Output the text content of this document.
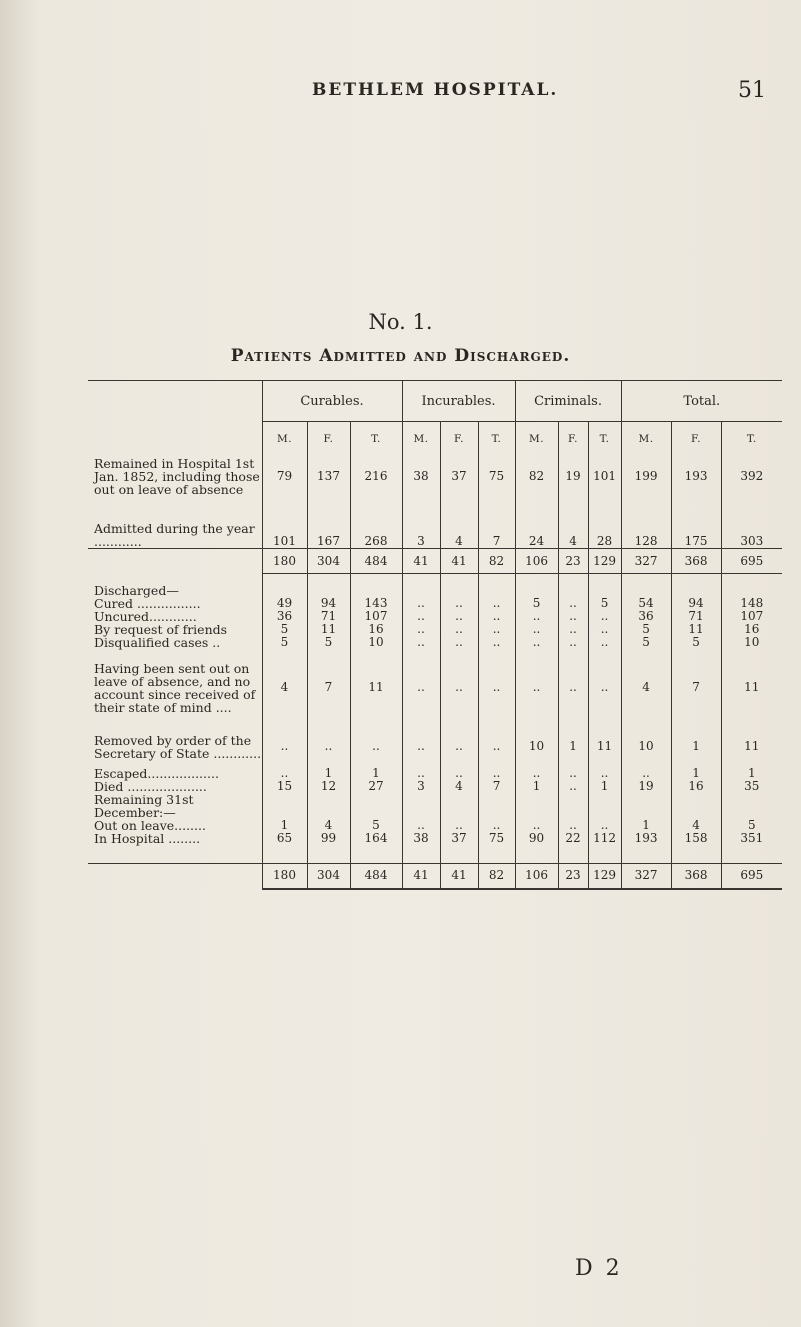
BETHLEM HOSPITAL.	51
No. 1.
Patients Admitted and Discharged.
	Curables.			Incurables.			Criminals.			Total.		
	M.	F.	T.	M.	F.	T.	M.	F.	T.	M.	F.	T.
Remained in Hospital 1st Jan. 1852, including those out on leave of absence	79	137	216	38	37	75	82	19	101	199	193	392
Admitted during the year ............	101	167	268	3	4	7	24	4	28	128	175	303
	180	304	484	41	41	82	106	23	129	327	368	695
Discharged—												
Cured ................	49	94	143	..	..	..	5	..	5	54	94	148
Uncured............	36	71	107	..	..	..	..	..	..	36	71	107
By request of friends	5	11	16	..	..	..	..	..	..	5	11	16
Disqualified cases ..	5	5	10	..	..	..	..	..	..	5	5	10
Having been sent out on leave of absence, and no account since received of their state of mind ....	4	7	11	..	..	..	..	..	..	4	7	11
Removed by order of the Secretary of State ............	..	..	..	..	..	..	10	1	11	10	1	11
Escaped..................	..	1	1	..	..	..	..	..	..	..	1	1
Died ....................	15	12	27	3	4	7	1	..	1	19	16	35
Remaining 31st December:—												
Out on leave........	1	4	5	..	..	..	..	..	..	1	4	5
In Hospital ........	65	99	164	38	37	75	90	22	112	193	158	351

	180	304	484	41	41	82	106	23	129	327	368	695
D 2
